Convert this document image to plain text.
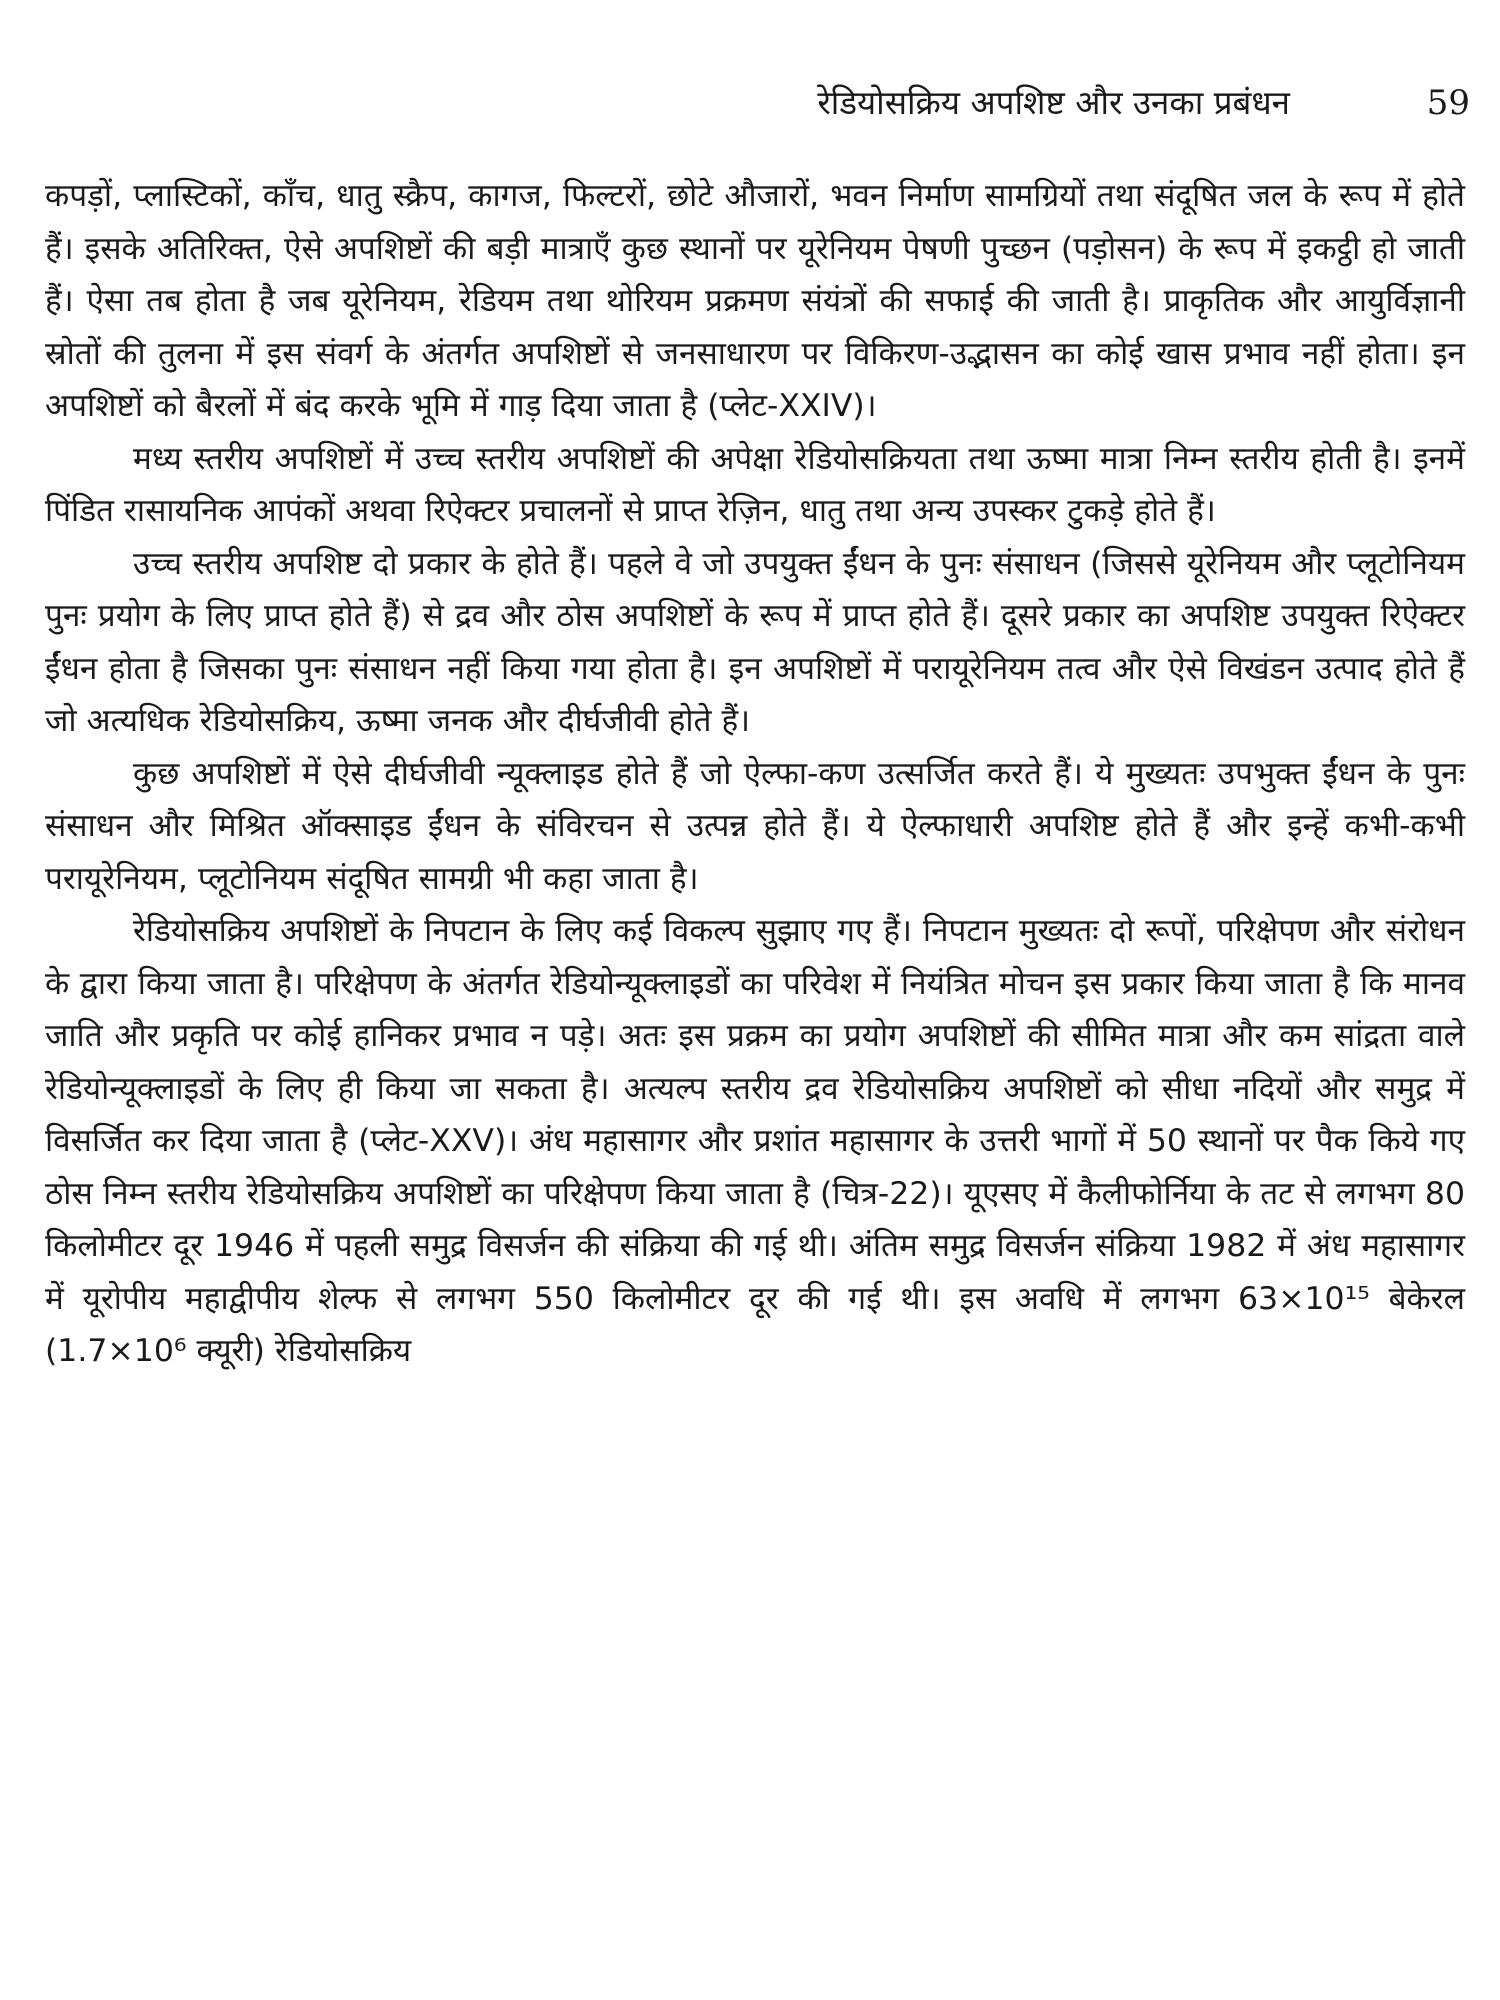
रेडियोसक्रिय अपशिष्ट और उनका प्रबंधन	59

कपड़ों, प्लास्टिकों, काँच, धातु स्क्रैप, कागज, फिल्टरों, छोटे औजारों, भवन निर्माण सामग्रियों तथा संदूषित जल के रूप में होते हैं। इसके अतिरिक्त, ऐसे अपशिष्टों की बड़ी मात्राएँ कुछ स्थानों पर यूरेनियम पेषणी पुच्छन (पड़ोसन) के रूप में इकट्ठी हो जाती हैं। ऐसा तब होता है जब यूरेनियम, रेडियम तथा थोरियम प्रक्रमण संयंत्रों की सफाई की जाती है। प्राकृतिक और आयुर्विज्ञानी स्रोतों की तुलना में इस संवर्ग के अंतर्गत अपशिष्टों से जनसाधारण पर विकिरण-उद्भासन का कोई खास प्रभाव नहीं होता। इन अपशिष्टों को बैरलों में बंद करके भूमि में गाड़ दिया जाता है (प्लेट-XXIV)।

मध्य स्तरीय अपशिष्टों में उच्च स्तरीय अपशिष्टों की अपेक्षा रेडियोसक्रियता तथा ऊष्मा मात्रा निम्न स्तरीय होती है। इनमें पिंडित रासायनिक आपंकों अथवा रिऐक्टर प्रचालनों से प्राप्त रेज़िन, धातु तथा अन्य उपस्कर टुकड़े होते हैं।

उच्च स्तरीय अपशिष्ट दो प्रकार के होते हैं। पहले वे जो उपयुक्त ईंधन के पुनः संसाधन (जिससे यूरेनियम और प्लूटोनियम पुनः प्रयोग के लिए प्राप्त होते हैं) से द्रव और ठोस अपशिष्टों के रूप में प्राप्त होते हैं। दूसरे प्रकार का अपशिष्ट उपयुक्त रिऐक्टर ईंधन होता है जिसका पुनः संसाधन नहीं किया गया होता है। इन अपशिष्टों में परायूरेनियम तत्व और ऐसे विखंडन उत्पाद होते हैं जो अत्यधिक रेडियोसक्रिय, ऊष्मा जनक और दीर्घजीवी होते हैं।

कुछ अपशिष्टों में ऐसे दीर्घजीवी न्यूक्लाइड होते हैं जो ऐल्फा-कण उत्सर्जित करते हैं। ये मुख्यतः उपभुक्त ईंधन के पुनः संसाधन और मिश्रित ऑक्साइड ईंधन के संविरचन से उत्पन्न होते हैं। ये ऐल्फाधारी अपशिष्ट होते हैं और इन्हें कभी-कभी परायूरेनियम, प्लूटोनियम संदूषित सामग्री भी कहा जाता है।

रेडियोसक्रिय अपशिष्टों के निपटान के लिए कई विकल्प सुझाए गए हैं। निपटान मुख्यतः दो रूपों, परिक्षेपण और संरोधन के द्वारा किया जाता है। परिक्षेपण के अंतर्गत रेडियोन्यूक्लाइडों का परिवेश में नियंत्रित मोचन इस प्रकार किया जाता है कि मानव जाति और प्रकृति पर कोई हानिकर प्रभाव न पड़े। अतः इस प्रक्रम का प्रयोग अपशिष्टों की सीमित मात्रा और कम सांद्रता वाले रेडियोन्यूक्लाइडों के लिए ही किया जा सकता है। अत्यल्प स्तरीय द्रव रेडियोसक्रिय अपशिष्टों को सीधा नदियों और समुद्र में विसर्जित कर दिया जाता है (प्लेट-XXV)। अंध महासागर और प्रशांत महासागर के उत्तरी भागों में 50 स्थानों पर पैक किये गए ठोस निम्न स्तरीय रेडियोसक्रिय अपशिष्टों का परिक्षेपण किया जाता है (चित्र-22)। यूएसए में कैलीफोर्निया के तट से लगभग 80 किलोमीटर दूर 1946 में पहली समुद्र विसर्जन की संक्रिया की गई थी। अंतिम समुद्र विसर्जन संक्रिया 1982 में अंध महासागर में यूरोपीय महाद्वीपीय शेल्फ से लगभग 550 किलोमीटर दूर की गई थी। इस अवधि में लगभग 63×10¹⁵ बेकेरल (1.7×10⁶ क्यूरी) रेडियोसक्रिय
